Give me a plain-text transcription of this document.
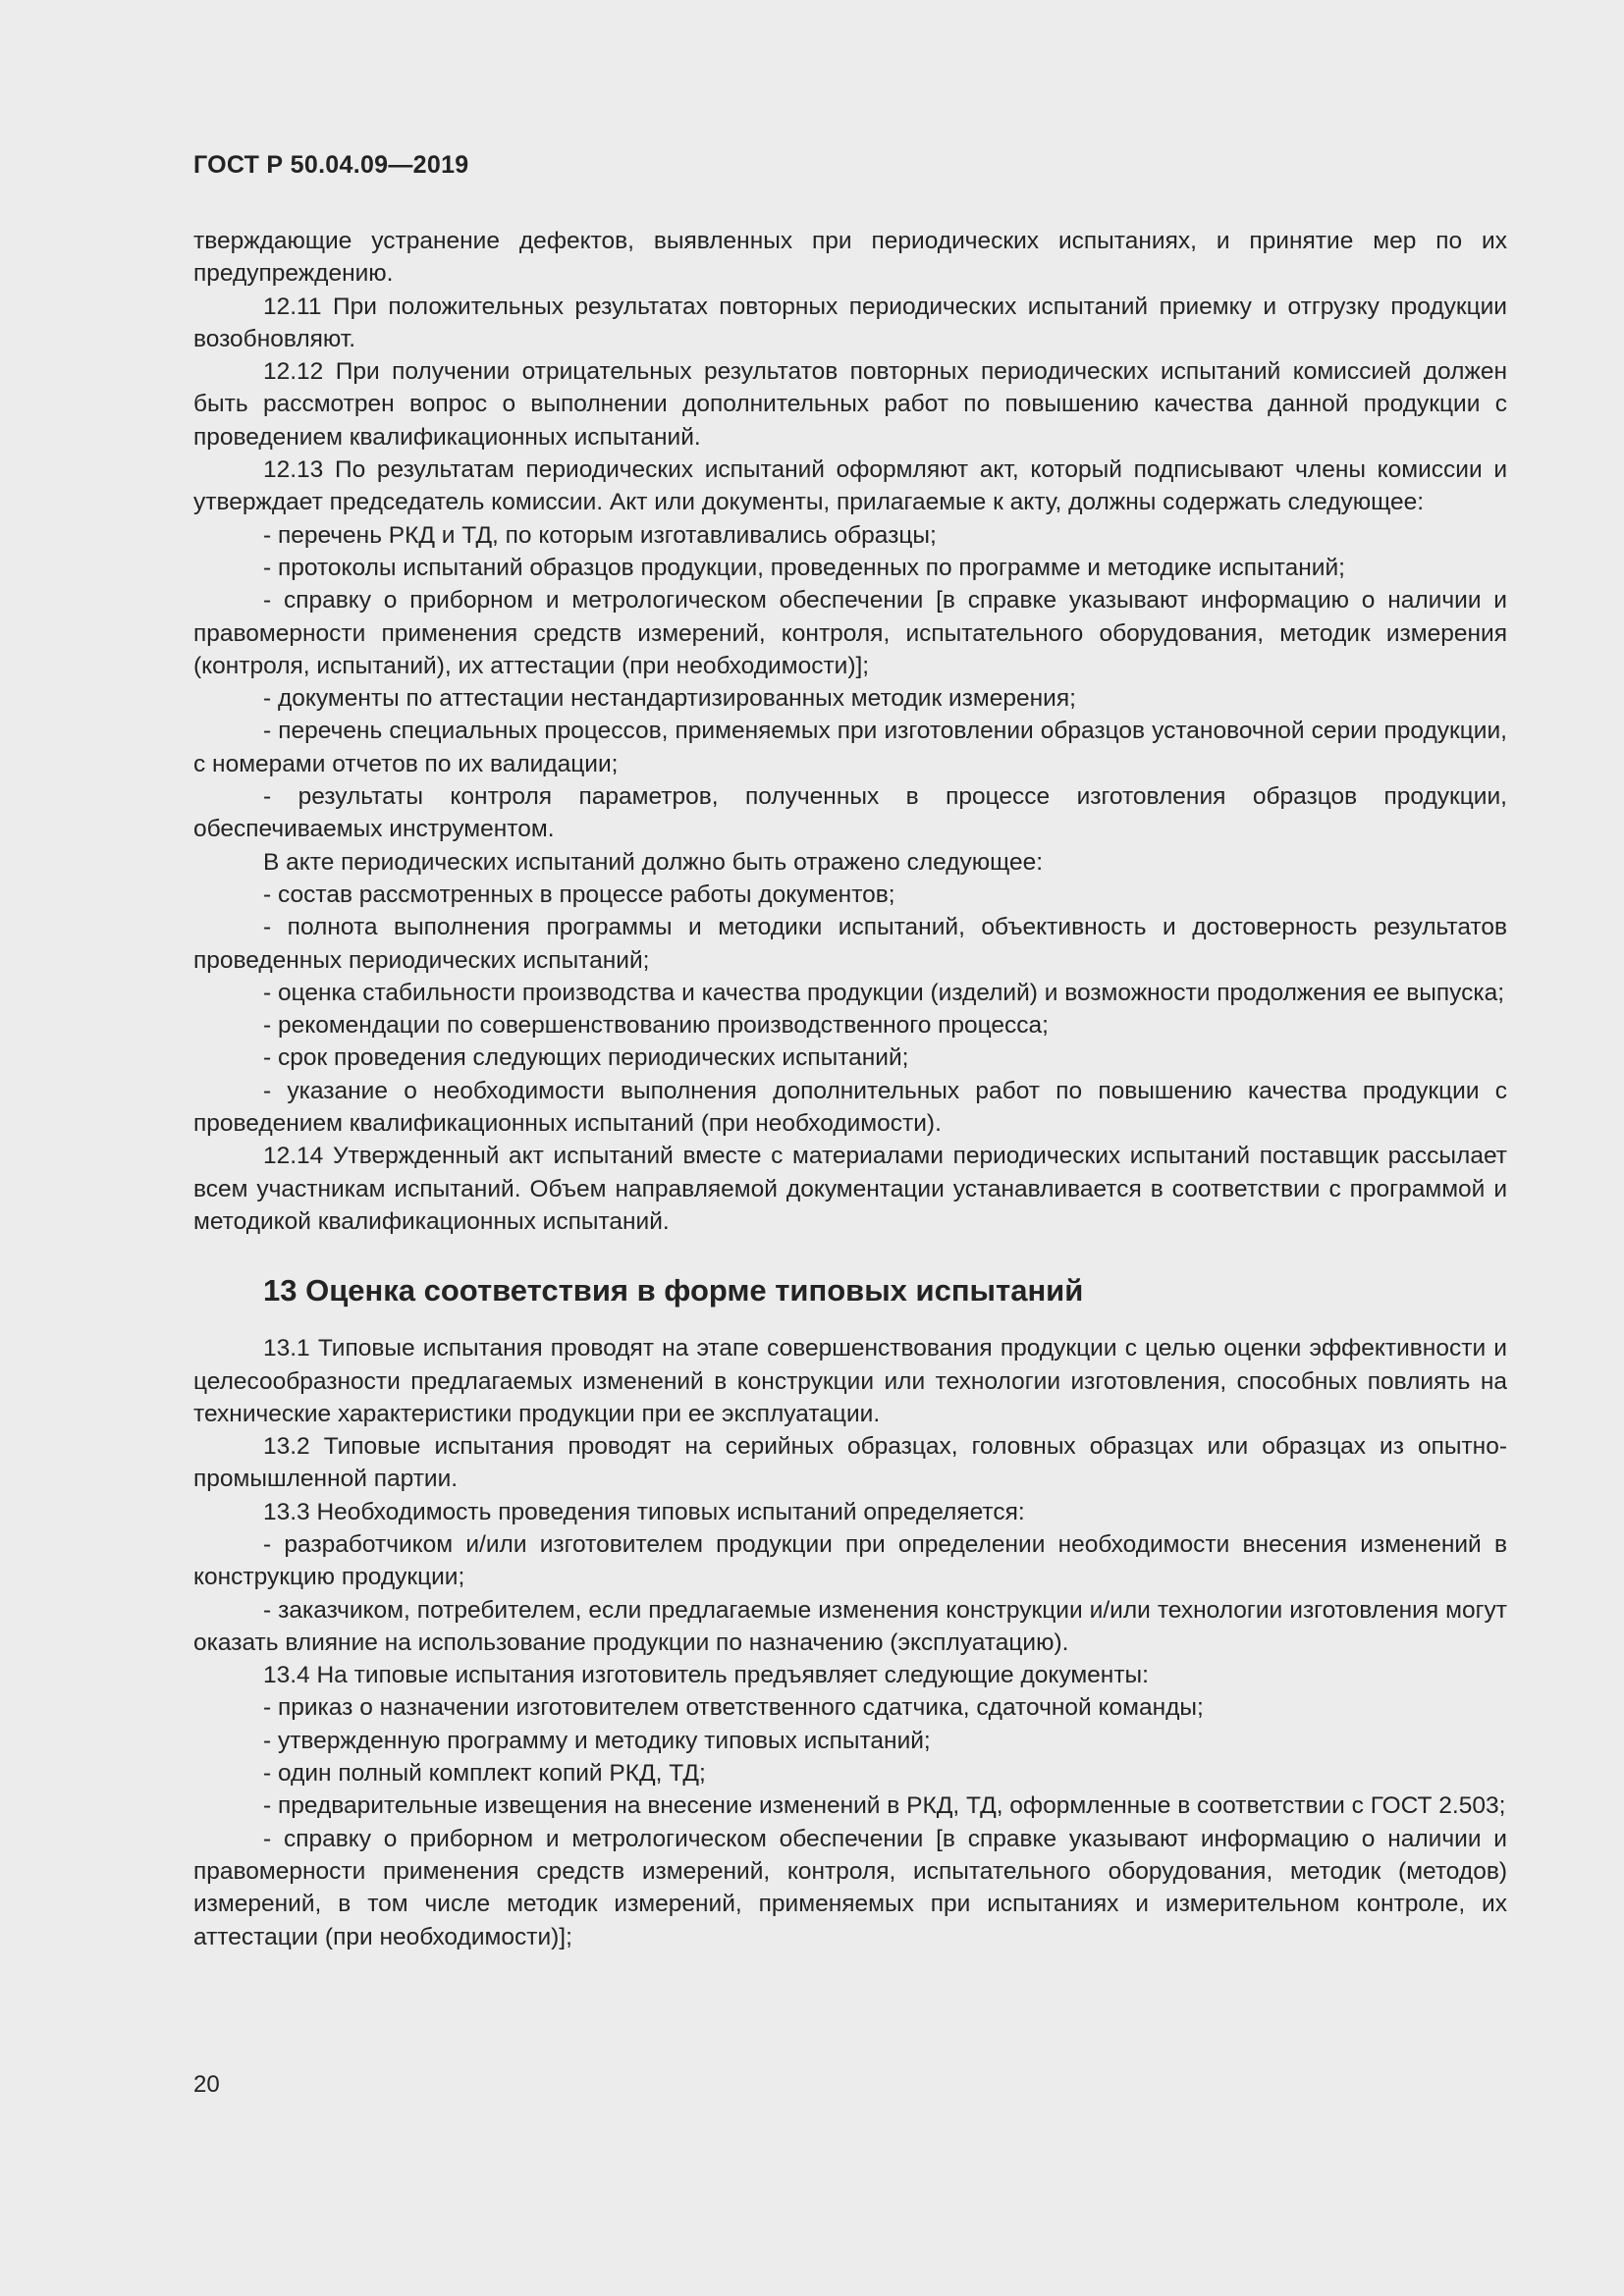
ГОСТ Р 50.04.09—2019

тверждающие устранение дефектов, выявленных при периодических испытаниях, и принятие мер по их предупреждению.

12.11 При положительных результатах повторных периодических испытаний приемку и отгрузку продукции возобновляют.

12.12 При получении отрицательных результатов повторных периодических испытаний комиссией должен быть рассмотрен вопрос о выполнении дополнительных работ по повышению качества данной продукции с проведением квалификационных испытаний.

12.13 По результатам периодических испытаний оформляют акт, который подписывают члены комиссии и утверждает председатель комиссии. Акт или документы, прилагаемые к акту, должны содержать следующее:

- перечень РКД и ТД, по которым изготавливались образцы;

- протоколы испытаний образцов продукции, проведенных по программе и методике испытаний;

- справку о приборном и метрологическом обеспечении [в справке указывают информацию о наличии и правомерности применения средств измерений, контроля, испытательного оборудования, методик измерения (контроля, испытаний), их аттестации (при необходимости)];

- документы по аттестации нестандартизированных методик измерения;

- перечень специальных процессов, применяемых при изготовлении образцов установочной серии продукции, с номерами отчетов по их валидации;

- результаты контроля параметров, полученных в процессе изготовления образцов продукции, обеспечиваемых инструментом.

В акте периодических испытаний должно быть отражено следующее:

- состав рассмотренных в процессе работы документов;

- полнота выполнения программы и методики испытаний, объективность и достоверность результатов проведенных периодических испытаний;

- оценка стабильности производства и качества продукции (изделий) и возможности продолжения ее выпуска;

- рекомендации по совершенствованию производственного процесса;

- срок проведения следующих периодических испытаний;

- указание о необходимости выполнения дополнительных работ по повышению качества продукции с проведением квалификационных испытаний (при необходимости).

12.14 Утвержденный акт испытаний вместе с материалами периодических испытаний поставщик рассылает всем участникам испытаний. Объем направляемой документации устанавливается в соответствии с программой и методикой квалификационных испытаний.

13 Оценка соответствия в форме типовых испытаний

13.1 Типовые испытания проводят на этапе совершенствования продукции с целью оценки эффективности и целесообразности предлагаемых изменений в конструкции или технологии изготовления, способных повлиять на технические характеристики продукции при ее эксплуатации.

13.2 Типовые испытания проводят на серийных образцах, головных образцах или образцах из опытно-промышленной партии.

13.3 Необходимость проведения типовых испытаний определяется:

- разработчиком и/или изготовителем продукции при определении необходимости внесения изменений в конструкцию продукции;

- заказчиком, потребителем, если предлагаемые изменения конструкции и/или технологии изготовления могут оказать влияние на использование продукции по назначению (эксплуатацию).

13.4 На типовые испытания изготовитель предъявляет следующие документы:

- приказ о назначении изготовителем ответственного сдатчика, сдаточной команды;

- утвержденную программу и методику типовых испытаний;

- один полный комплект копий РКД, ТД;

- предварительные извещения на внесение изменений в РКД, ТД, оформленные в соответствии с ГОСТ 2.503;

- справку о приборном и метрологическом обеспечении [в справке указывают информацию о наличии и правомерности применения средств измерений, контроля, испытательного оборудования, методик (методов) измерений, в том числе методик измерений, применяемых при испытаниях и измерительном контроле, их аттестации (при необходимости)];

20
